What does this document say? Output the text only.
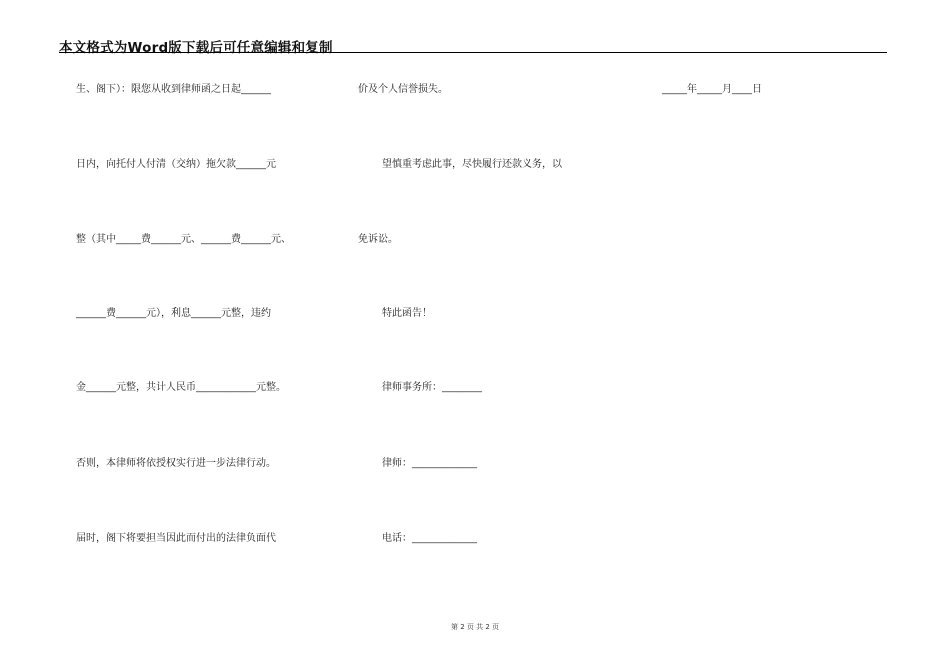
本文格式为Word版下载后可任意编辑和复制
生、阁下）：限您从收到律师函之日起______
日内，向托付人付清（交纳）拖欠款______元
整（其中_____费______元、______费______元、
______费______元），利息______元整，违约
金______元整，共计人民币____________元整。
否则，本律师将依授权实行进一步法律行动。
届时，阁下将要担当因此而付出的法律负面代
价及个人信誉损失。
望慎重考虑此事，尽快履行还款义务，以
免诉讼。
特此函告！
律师事务所：________
律师：_____________
电话：_____________
_____年_____月____日
第 2 页 共 2 页
